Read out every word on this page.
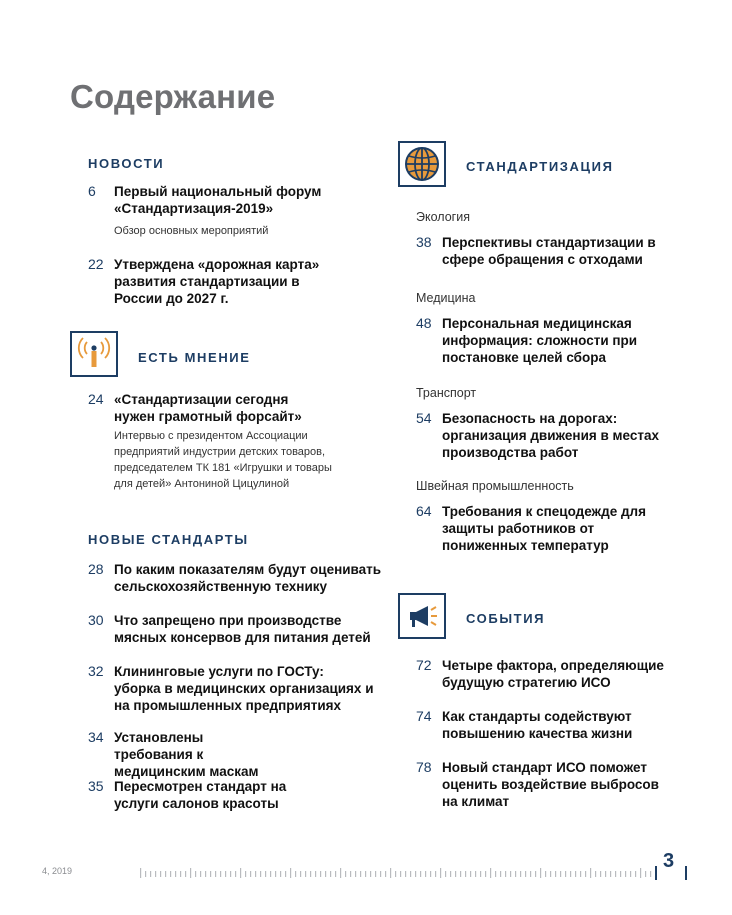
Содержание
НОВОСТИ
6 Первый национальный форум «Стандартизация-2019»
Обзор основных мероприятий
22 Утверждена «дорожная карта» развития стандартизации в России до 2027 г.
ЕСТЬ МНЕНИЕ
24 «Стандартизации сегодня нужен грамотный форсайт»
Интервью с президентом Ассоциации предприятий индустрии детских товаров, председателем ТК 181 «Игрушки и товары для детей» Антониной Цицулиной
НОВЫЕ СТАНДАРТЫ
28 По каким показателям будут оценивать сельскохозяйственную технику
30 Что запрещено при производстве мясных консервов для питания детей
32 Клининговые услуги по ГОСТу: уборка в медицинских организациях и на промышленных предприятиях
34 Установлены требования к медицинским маскам
35 Пересмотрен стандарт на услуги салонов красоты
СТАНДАРТИЗАЦИЯ
Экология
38 Перспективы стандартизации в сфере обращения с отходами
Медицина
48 Персональная медицинская информация: сложности при постановке целей сбора
Транспорт
54 Безопасность на дорогах: организация движения в местах производства работ
Швейная промышленность
64 Требования к спецодежде для защиты работников от пониженных температур
СОБЫТИЯ
72 Четыре фактора, определяющие будущую стратегию ИСО
74 Как стандарты содействуют повышению качества жизни
78 Новый стандарт ИСО поможет оценить воздействие выбросов на климат
4, 2019	3
